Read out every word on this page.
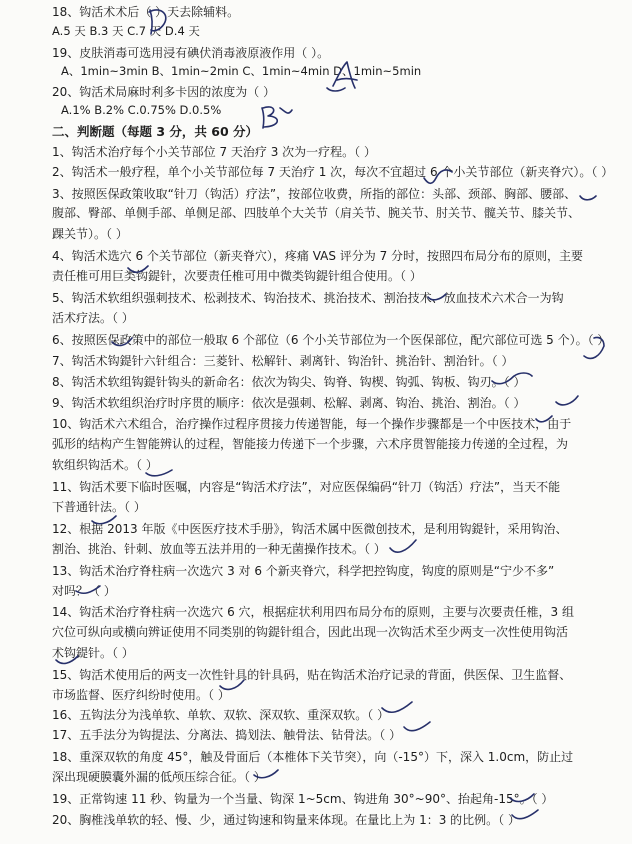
18、钩活术术后（ ）天去除辅料。
A.5 天 B.3 天 C.7 天 D.4 天
19、皮肤消毒可选用浸有碘伏消毒液原液作用（ ）。
A、1min~3min B、1min~2min C、1min~4min D、1min~5min
20、钩活术局麻时利多卡因的浓度为（ ）
A.1% B.2% C.0.75% D.0.5%
二、判断题（每题 3 分，共 60 分）
1、钩活术治疗每个小关节部位 7 天治疗 3 次为一疗程。（ ）
2、钩活术一般疗程，单个小关节部位每 7 天治疗 1 次，每次不宜超过 6 个小关节部位（新夹脊穴）。（ ）
3、按照医保政策收取“针刀（钩活）疗法”，按部位收费，所指的部位：头部、颈部、胸部、腰部、
腹部、臀部、单侧手部、单侧足部、四肢单个大关节（肩关节、腕关节、肘关节、髋关节、膝关节、
踝关节）。（ ）
4、钩活术选穴 6 个关节部位（新夹脊穴），疼痛 VAS 评分为 7 分时，按照四布局分布的原则，主要
责任椎可用巨类钩鍉针，次要责任椎可用中微类钩鍉针组合使用。（ ）
5、钩活术软组织强刺技术、松剥技术、钩治技术、挑治技术、割治技术、放血技术六术合一为钩
活术疗法。（ ）
6、按照医保政策中的部位一般取 6 个部位（6 个小关节部位为一个医保部位，配穴部位可选 5 个）。（ ）
7、钩活术钩鍉针六针组合：三菱针、松解针、剥离针、钩治针、挑治针、割治针。（ ）
8、钩活术软组钩鍉针钩头的新命名：依次为钩尖、钩脊、钩楔、钩弧、钩板、钩刃。（ ）
9、钩活术软组织治疗时序贯的顺序：依次是强刺、松解、剥离、钩治、挑治、割治。（ ）
10、钩活术六术组合，治疗操作过程序贯接力传递智能，每一个操作步骤都是一个中医技术，由于
弧形的结构产生智能辨认的过程，智能接力传递下一个步骤，六术序贯智能接力传递的全过程，为
软组织钩活术。（ ）
11、钩活术要下临时医嘱，内容是“钩活术疗法”，对应医保编码“针刀（钩活）疗法”，当天不能
下普通针法。（ ）
12、根据 2013 年版《中医医疗技术手册》，钩活术属中医微创技术，是利用钩鍉针，采用钩治、
割治、挑治、针刺、放血等五法并用的一种无菌操作技术。（ ）
13、钩活术治疗脊柱病一次选穴 3 对 6 个新夹脊穴，科学把控钩度，钩度的原则是“宁少不多”
对吗？（ ）
14、钩活术治疗脊柱病一次选穴 6 穴，根据症状利用四布局分布的原则，主要与次要责任椎，3 组
穴位可纵向或横向辨证使用不同类别的钩鍉针组合，因此出现一次钩活术至少两支一次性使用钩活
术钩鍉针。（ ）
15、钩活术使用后的两支一次性针具的针具码，贴在钩活术治疗记录的背面，供医保、卫生监督、
市场监督、医疗纠纷时使用。（ ）
16、五钩法分为浅单软、单软、双软、深双软、重深双软。（ ）
17、五手法分为钩提法、分离法、捣划法、触骨法、钻骨法。（ ）
18、重深双软的角度 45°，触及骨面后（本椎体下关节突），向（-15°）下，深入 1.0cm，防止过
深出现硬膜囊外漏的低颅压综合征。（ ）
19、正常钩速 11 秒、钩量为一个当量、钩深 1~5cm、钩进角 30°~90°、抬起角-15°。（ ）
20、胸椎浅单软的轻、慢、少，通过钩速和钩量来体现。在量比上为 1：3 的比例。（ ）
